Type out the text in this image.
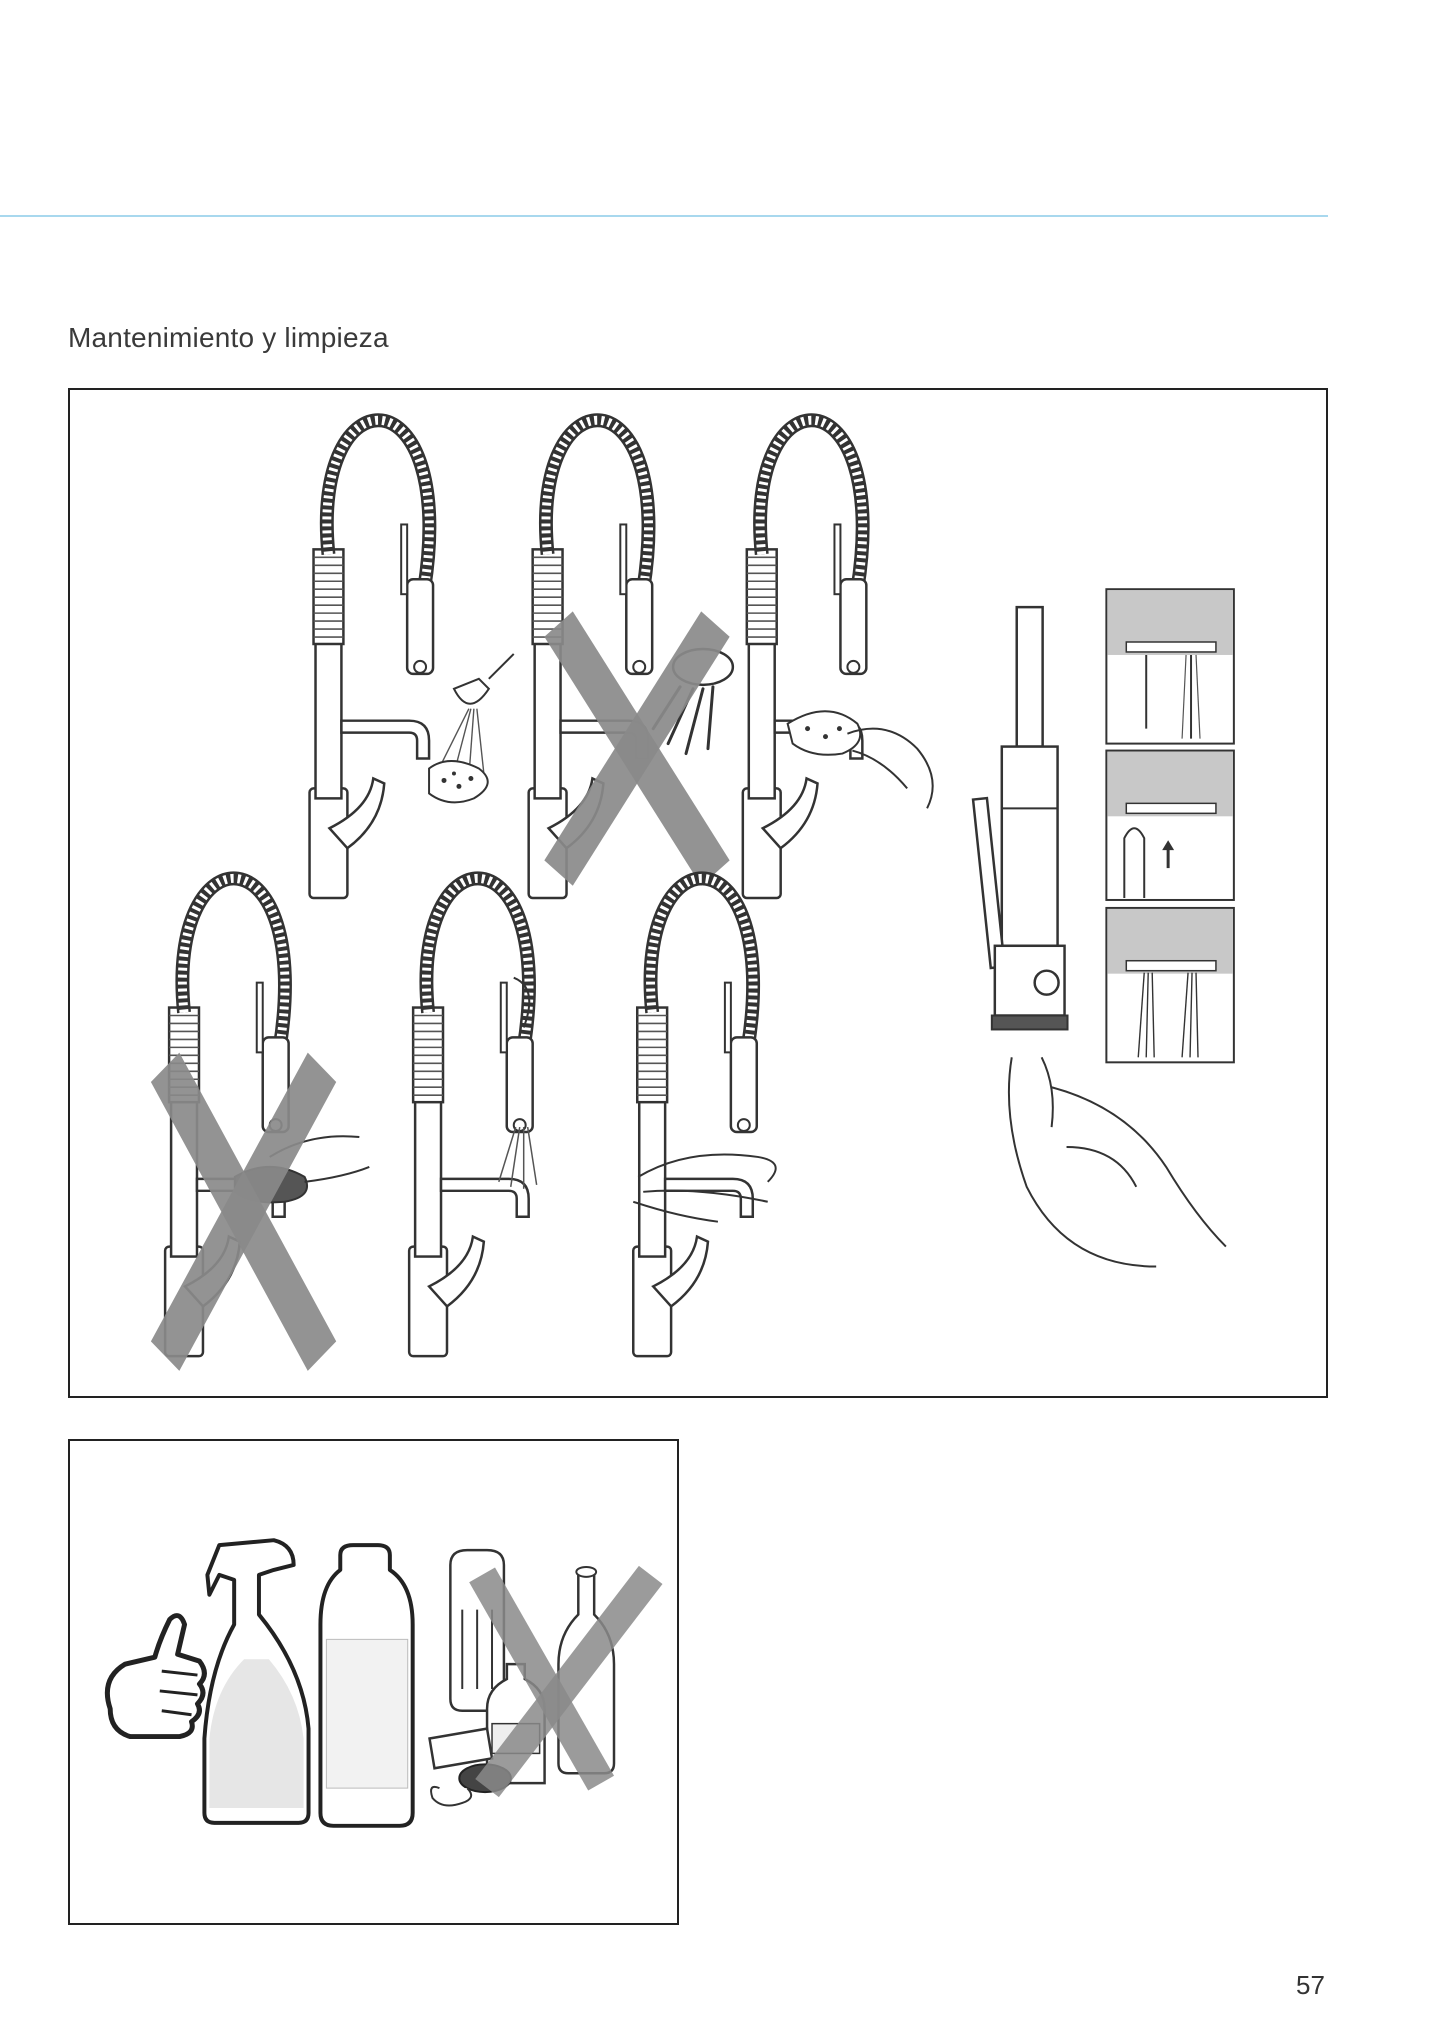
Mantenimiento y limpieza
57
